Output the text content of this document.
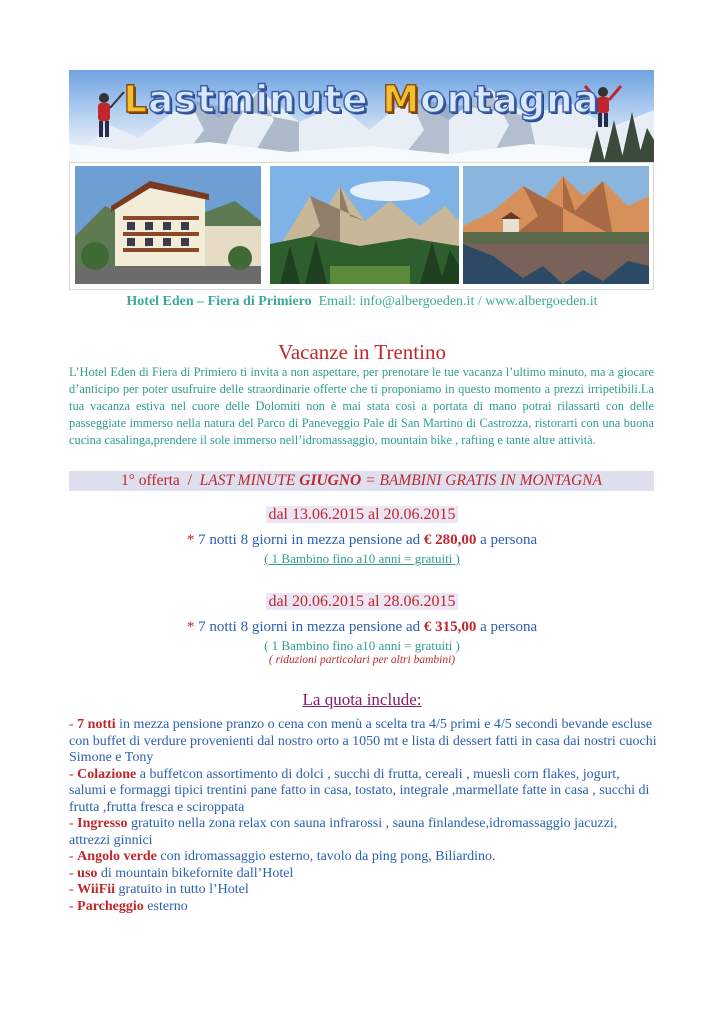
Lastminute Montagna
Hotel Eden – Fiera di Primiero Email: info@albergoeden.it / www.albergoeden.it
Vacanze in Trentino
L’Hotel Eden di Fiera di Primiero ti invita a non aspettare, per prenotare le tue vacanza l’ultimo minuto, ma a giocare d’anticipo per poter usufruire delle straordinarie offerte che ti proponiamo in questo momento a prezzi irripetibili.La tua vacanza estiva nel cuore delle Dolomiti non è mai stata così a portata di mano potrai rilassarti con delle passeggiate immerso nella natura del Parco di Paneveggio Pale di San Martino di Castrozza, ristorarti con una buona cucina casalinga,prendere il sole immerso nell’idromassaggio, mountain bike , rafting e tante altre attività.
1° offerta / LAST MINUTE GIUGNO = BAMBINI GRATIS IN MONTAGNA
dal 13.06.2015 al 20.06.2015
* 7 notti 8 giorni in mezza pensione ad € 280,00 a persona
( 1 Bambino fino a10 anni = gratuiti )
dal 20.06.2015 al 28.06.2015
* 7 notti 8 giorni in mezza pensione ad € 315,00 a persona
( 1 Bambino fino a10 anni = gratuiti )
( riduzioni particolari per altri bambini)
La quota include:

- 7 notti in mezza pensione pranzo o cena con menù a scelta tra 4/5 primi e 4/5 secondi bevande escluse con buffet di verdure provenienti dal nostro orto a 1050 mt e lista di dessert fatti in casa dai nostri cuochi Simone e Tony

- Colazione a buffetcon assortimento di dolci , succhi di frutta, cereali , muesli corn flakes, jogurt, salumi e formaggi tipici trentini pane fatto in casa, tostato, integrale ,marmellate fatte in casa , succhi di frutta ,frutta fresca e sciroppata

- Ingresso gratuito nella zona relax con sauna infrarossi , sauna finlandese,idromassaggio jacuzzi, attrezzi ginnici

- Angolo verde con idromassaggio esterno, tavolo da ping pong, Biliardino.

- uso di mountain bikefornite dall’Hotel

- WiiFii gratuito in tutto l’Hotel

- Parcheggio esterno
